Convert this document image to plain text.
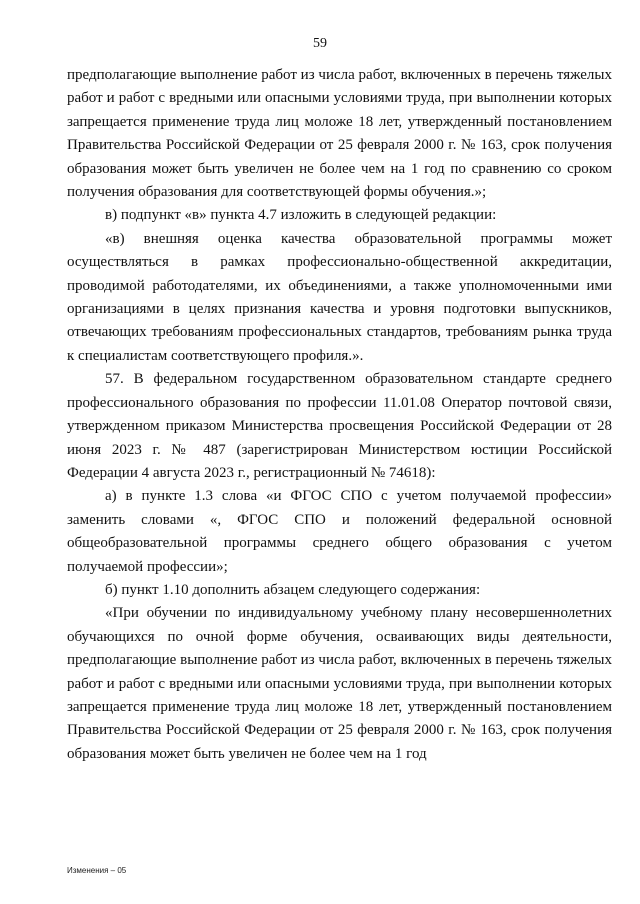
59

предполагающие выполнение работ из числа работ, включенных в перечень тяжелых работ и работ с вредными или опасными условиями труда, при выполнении которых запрещается применение труда лиц моложе 18 лет, утвержденный постановлением Правительства Российской Федерации от 25 февраля 2000 г. № 163, срок получения образования может быть увеличен не более чем на 1 год по сравнению со сроком получения образования для соответствующей формы обучения.»;

в) подпункт «в» пункта 4.7 изложить в следующей редакции:

«в) внешняя оценка качества образовательной программы может осуществляться в рамках профессионально-общественной аккредитации, проводимой работодателями, их объединениями, а также уполномоченными ими организациями в целях признания качества и уровня подготовки выпускников, отвечающих требованиям профессиональных стандартов, требованиям рынка труда к специалистам соответствующего профиля.».

57. В федеральном государственном образовательном стандарте среднего профессионального образования по профессии 11.01.08 Оператор почтовой связи, утвержденном приказом Министерства просвещения Российской Федерации от 28 июня 2023 г. № 487 (зарегистрирован Министерством юстиции Российской Федерации 4 августа 2023 г., регистрационный № 74618):

а) в пункте 1.3 слова «и ФГОС СПО с учетом получаемой профессии» заменить словами «, ФГОС СПО и положений федеральной основной общеобразовательной программы среднего общего образования с учетом получаемой профессии»;

б) пункт 1.10 дополнить абзацем следующего содержания:

«При обучении по индивидуальному учебному плану несовершеннолетних обучающихся по очной форме обучения, осваивающих виды деятельности, предполагающие выполнение работ из числа работ, включенных в перечень тяжелых работ и работ с вредными или опасными условиями труда, при выполнении которых запрещается применение труда лиц моложе 18 лет, утвержденный постановлением Правительства Российской Федерации от 25 февраля 2000 г. № 163, срок получения образования может быть увеличен не более чем на 1 год

Изменения – 05
